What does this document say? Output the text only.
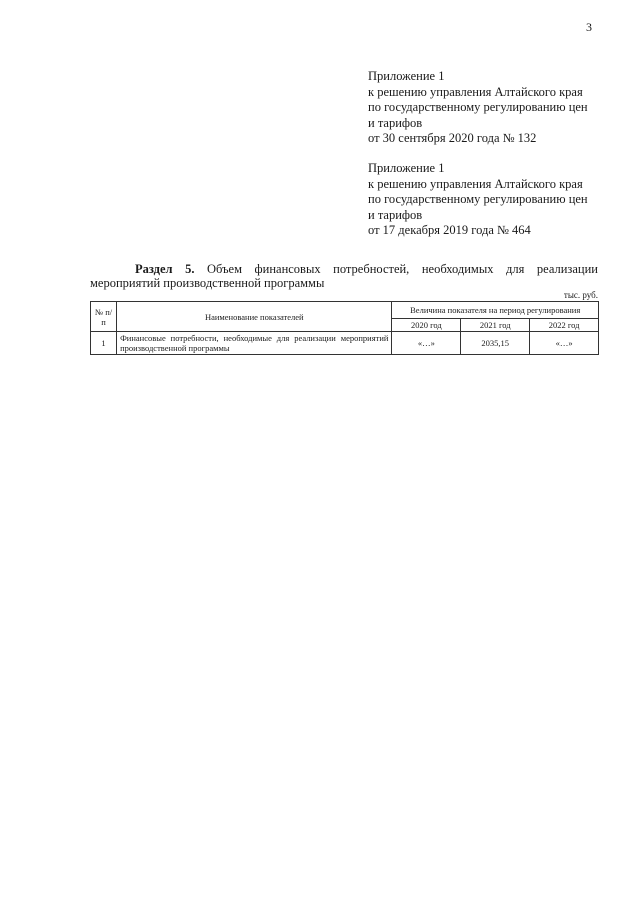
3
Приложение 1
к решению управления Алтайского края
по государственному регулированию цен
и тарифов
от 30 сентября 2020 года № 132
Приложение 1
к решению управления Алтайского края
по государственному регулированию цен
и тарифов
от 17 декабря 2019 года № 464
Раздел 5. Объем финансовых потребностей, необходимых для реализации
мероприятий производственной программы
тыс. руб.
№ п/п	Наименование показателей	Величина показателя на период регулирования		
		2020 год	2021 год	2022 год
1	Финансовые потребности, необходимые для реализации мероприятий производственной программы	«…»	2035,15	«…»
